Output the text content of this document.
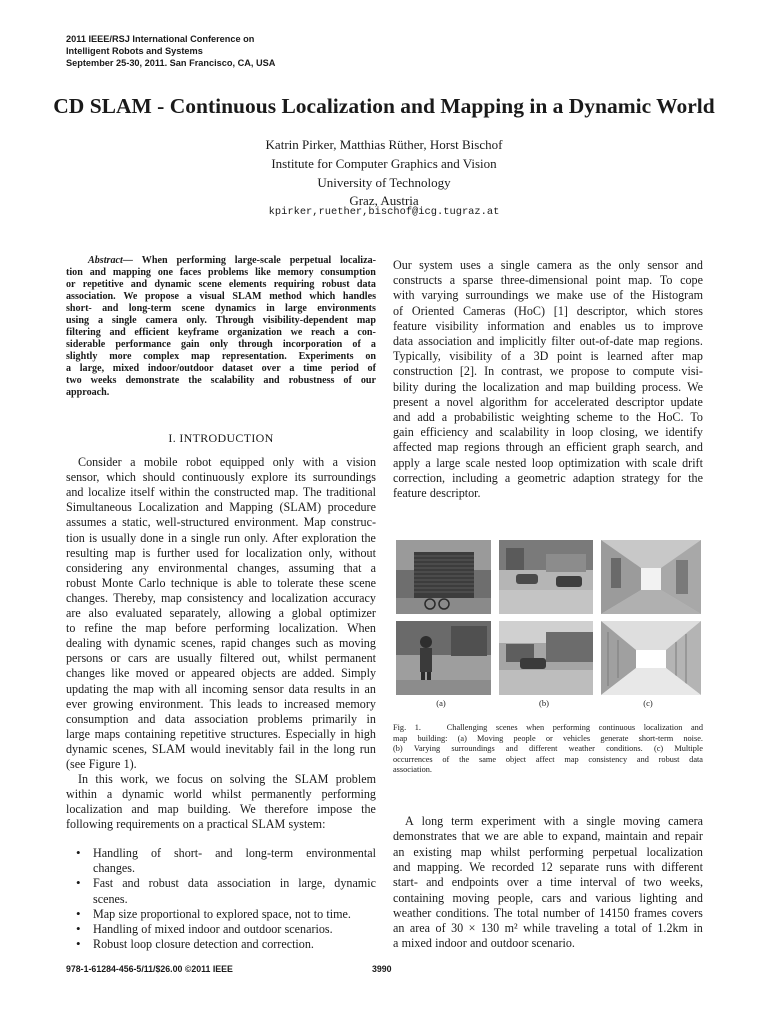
2011 IEEE/RSJ International Conference on
Intelligent Robots and Systems
September 25-30, 2011. San Francisco, CA, USA
CD SLAM - Continuous Localization and Mapping in a Dynamic World
Katrin Pirker, Matthias Rüther, Horst Bischof
Institute for Computer Graphics and Vision
University of Technology
Graz, Austria
kpirker,ruether,bischof@icg.tugraz.at
Abstract— When performing large-scale perpetual localiza-
tion and mapping one faces problems like memory consumption
or repetitive and dynamic scene elements requiring robust data
association. We propose a visual SLAM method which handles
short- and long-term scene dynamics in large environments
using a single camera only. Through visibility-dependent map
filtering and efficient keyframe organization we reach a con-
siderable performance gain only through incorporation of a
slightly more complex map representation. Experiments on
a large, mixed indoor/outdoor dataset over a time period of
two weeks demonstrate the scalability and robustness of our
approach.
I. INTRODUCTION
Consider a mobile robot equipped only with a vision
sensor, which should continuously explore its surroundings
and localize itself within the constructed map. The traditional
Simultaneous Localization and Mapping (SLAM) procedure
assumes a static, well-structured environment. Map construc-
tion is usually done in a single run only. After exploration the
resulting map is further used for localization only, without
considering any environmental changes, assuming that a
robust Monte Carlo technique is able to tolerate these scene
changes. Thereby, map consistency and localization accuracy
are also evaluated separately, allowing a global optimizer
to refine the map before performing localization. When
dealing with dynamic scenes, rapid changes such as moving
persons or cars are usually filtered out, whilst permanent
changes like moved or appeared objects are added. Simply
updating the map with all incoming sensor data results in an
ever growing environment. This leads to increased memory
consumption and data association problems primarily in
large maps containing repetitive structures. Especially in high
dynamic scenes, SLAM would inevitably fail in the long run
(see Figure 1).
In this work, we focus on solving the SLAM problem
within a dynamic world whilst permanently performing
localization and map building. We therefore impose the
following requirements on a practical SLAM system:
• Handling of short- and long-term environmental
changes.
• Fast and robust data association in large, dynamic
scenes.
• Map size proportional to explored space, not to time.
• Handling of mixed indoor and outdoor scenarios.
• Robust loop closure detection and correction.
Our system uses a single camera as the only sensor and
constructs a sparse three-dimensional point map. To cope
with varying surroundings we make use of the Histogram
of Oriented Cameras (HoC) [1] descriptor, which stores
feature visibility information and enables us to improve
data association and implicitly filter out-of-date map regions.
Typically, visibility of a 3D point is learned after map
construction [2]. In contrast, we propose to compute visi-
bility during the localization and map building process. We
present a novel algorithm for accelerated descriptor update
and add a probabilistic weighting scheme to the HoC. To
gain efficiency and scalability in loop closing, we identify
affected map regions through an efficient graph search, and
apply a large scale nested loop optimization with scale drift
correction, including a geometric adaption strategy for the
feature descriptor.
(a)	(b)	(c)
Fig. 1.	Challenging scenes when performing continuous localization and
map building: (a) Moving people or vehicles generate short-term noise.
(b) Varying surroundings and different weather conditions. (c) Multiple
occurrences of the same object affect map consistency and robust data
association.
A long term experiment with a single moving camera
demonstrates that we are able to expand, maintain and repair
an existing map whilst performing perpetual localization
and mapping. We recorded 12 separate runs with different
start- and endpoints over a time interval of two weeks,
containing moving people, cars and various lighting and
weather conditions. The total number of 14150 frames covers
an area of 30 × 130 m² while traveling a total of 1.2km in
a mixed indoor and outdoor scenario.
978-1-61284-456-5/11/$26.00 ©2011 IEEE	3990
